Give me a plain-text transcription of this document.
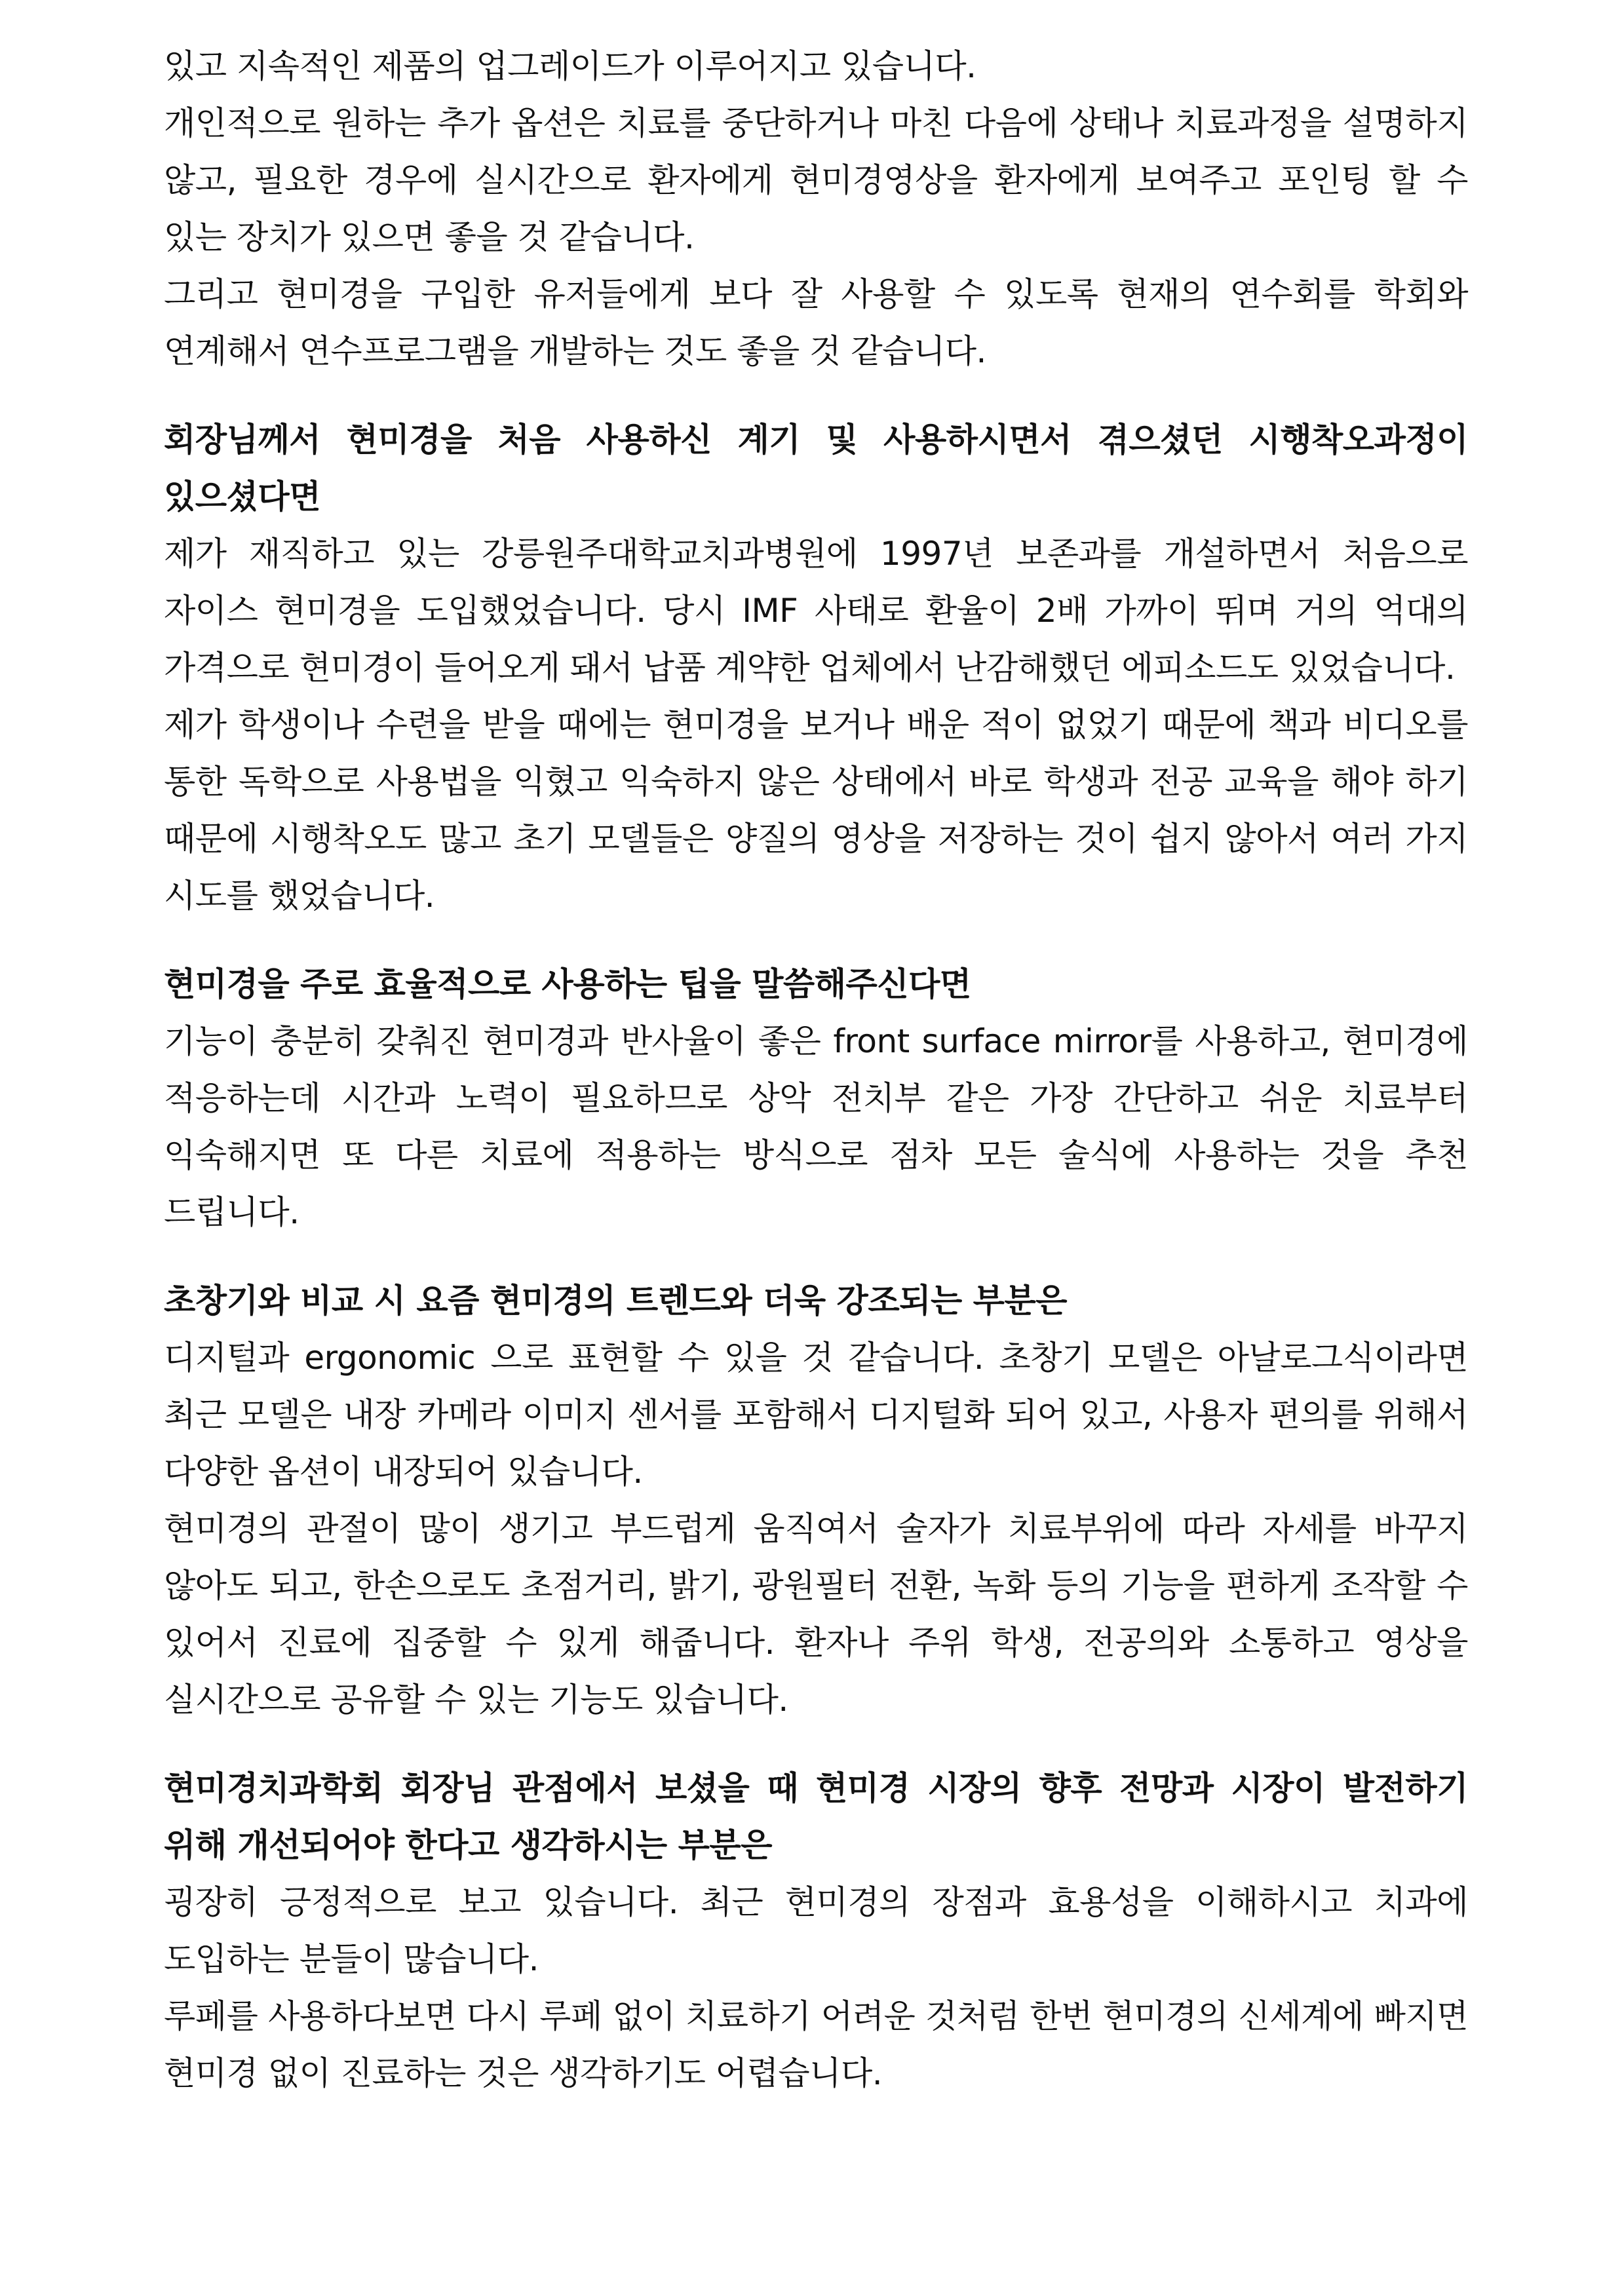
있고 지속적인 제품의 업그레이드가 이루어지고 있습니다.

개인적으로 원하는 추가 옵션은 치료를 중단하거나 마친 다음에 상태나 치료과정을 설명하지 않고, 필요한 경우에 실시간으로 환자에게 현미경영상을 환자에게 보여주고 포인팅 할 수 있는 장치가 있으면 좋을 것 같습니다.

그리고 현미경을 구입한 유저들에게 보다 잘 사용할 수 있도록 현재의 연수회를 학회와 연계해서 연수프로그램을 개발하는 것도 좋을 것 같습니다.

회장님께서 현미경을 처음 사용하신 계기 및 사용하시면서 겪으셨던 시행착오과정이 있으셨다면

제가 재직하고 있는 강릉원주대학교치과병원에 1997년 보존과를 개설하면서 처음으로 자이스 현미경을 도입했었습니다. 당시 IMF 사태로 환율이 2배 가까이 뛰며 거의 억대의 가격으로 현미경이 들어오게 돼서 납품 계약한 업체에서 난감해했던 에피소드도 있었습니다.

제가 학생이나 수련을 받을 때에는 현미경을 보거나 배운 적이 없었기 때문에 책과 비디오를 통한 독학으로 사용법을 익혔고 익숙하지 않은 상태에서 바로 학생과 전공 교육을 해야 하기 때문에 시행착오도 많고 초기 모델들은 양질의 영상을 저장하는 것이 쉽지 않아서 여러 가지 시도를 했었습니다.

현미경을 주로 효율적으로 사용하는 팁을 말씀해주신다면

기능이 충분히 갖춰진 현미경과 반사율이 좋은 front surface mirror를 사용하고, 현미경에 적응하는데 시간과 노력이 필요하므로 상악 전치부 같은 가장 간단하고 쉬운 치료부터 익숙해지면 또 다른 치료에 적용하는 방식으로 점차 모든 술식에 사용하는 것을 추천 드립니다.

초창기와 비교 시 요즘 현미경의 트렌드와 더욱 강조되는 부분은

디지털과 ergonomic 으로 표현할 수 있을 것 같습니다. 초창기 모델은 아날로그식이라면 최근 모델은 내장 카메라 이미지 센서를 포함해서 디지털화 되어 있고, 사용자 편의를 위해서 다양한 옵션이 내장되어 있습니다.

현미경의 관절이 많이 생기고 부드럽게 움직여서 술자가 치료부위에 따라 자세를 바꾸지 않아도 되고, 한손으로도 초점거리, 밝기, 광원필터 전환, 녹화 등의 기능을 편하게 조작할 수 있어서 진료에 집중할 수 있게 해줍니다. 환자나 주위 학생, 전공의와 소통하고 영상을 실시간으로 공유할 수 있는 기능도 있습니다.

현미경치과학회 회장님 관점에서 보셨을 때 현미경 시장의 향후 전망과 시장이 발전하기 위해 개선되어야 한다고 생각하시는 부분은

굉장히 긍정적으로 보고 있습니다. 최근 현미경의 장점과 효용성을 이해하시고 치과에 도입하는 분들이 많습니다.

루페를 사용하다보면 다시 루페 없이 치료하기 어려운 것처럼 한번 현미경의 신세계에 빠지면 현미경 없이 진료하는 것은 생각하기도 어렵습니다.
